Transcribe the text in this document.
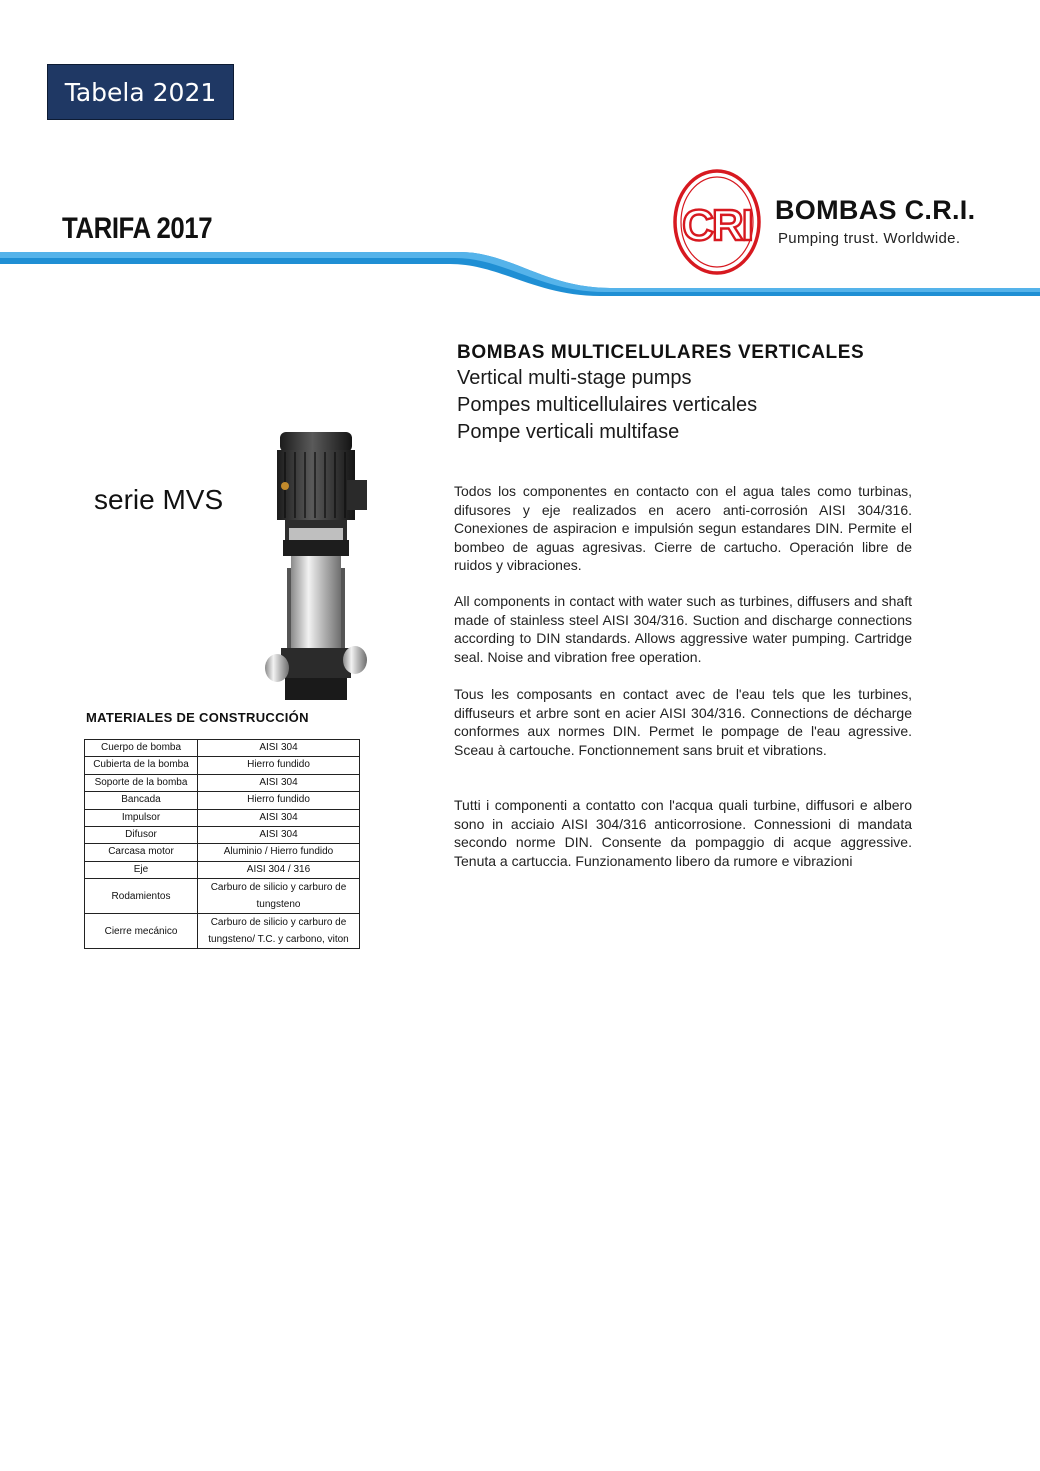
Tabela 2021
TARIFA 2017	CRI BOMBAS C.R.I.
Pumping trust. Worldwide.
BOMBAS MULTICELULARES VERTICALES
Vertical multi-stage pumps
Pompes multicellulaires verticales
Pompe verticali multifase

Todos los componentes en contacto con el agua tales como turbinas, difusores y eje realizados en acero anti-corrosión AISI 304/316. Conexiones de aspiracion e impulsión segun estandares DIN. Permite el bombeo de aguas agresivas. Cierre de cartucho. Operación libre de ruidos y vibraciones.

All components in contact with water such as turbines, diffusers and shaft made of stainless steel AISI 304/316. Suction and discharge connections according to DIN standards. Allows aggressive water pumping. Cartridge seal. Noise and vibration free operation.

Tous les composants en contact avec de l'eau tels que les turbines, diffuseurs et arbre sont en acier AISI 304/316. Connections de décharge conformes aux normes DIN. Permet le pompage de l'eau agressive. Sceau à cartouche. Fonctionnement sans bruit et vibrations.

Tutti i componenti a contatto con l'acqua quali turbine, diffusori e albero sono in acciaio AISI 304/316 anticorrosione. Connessioni di mandata secondo norme DIN. Consente da pompaggio di acque aggressive. Tenuta a cartuccia. Funzionamento libero da rumore e vibrazioni

serie MVS
MATERIALES DE CONSTRUCCIÓN
Cuerpo de bomba	AISI 304
Cubierta de la bomba	Hierro fundido
Soporte de la bomba	AISI 304
Bancada	Hierro fundido
Impulsor	AISI 304
Difusor	AISI 304
Carcasa motor	Aluminio / Hierro fundido
Eje	AISI 304 / 316
Rodamientos	Carburo de silicio y carburo de tungsteno
Cierre mecánico	Carburo de silicio y carburo de tungsteno/ T.C. y carbono, viton
